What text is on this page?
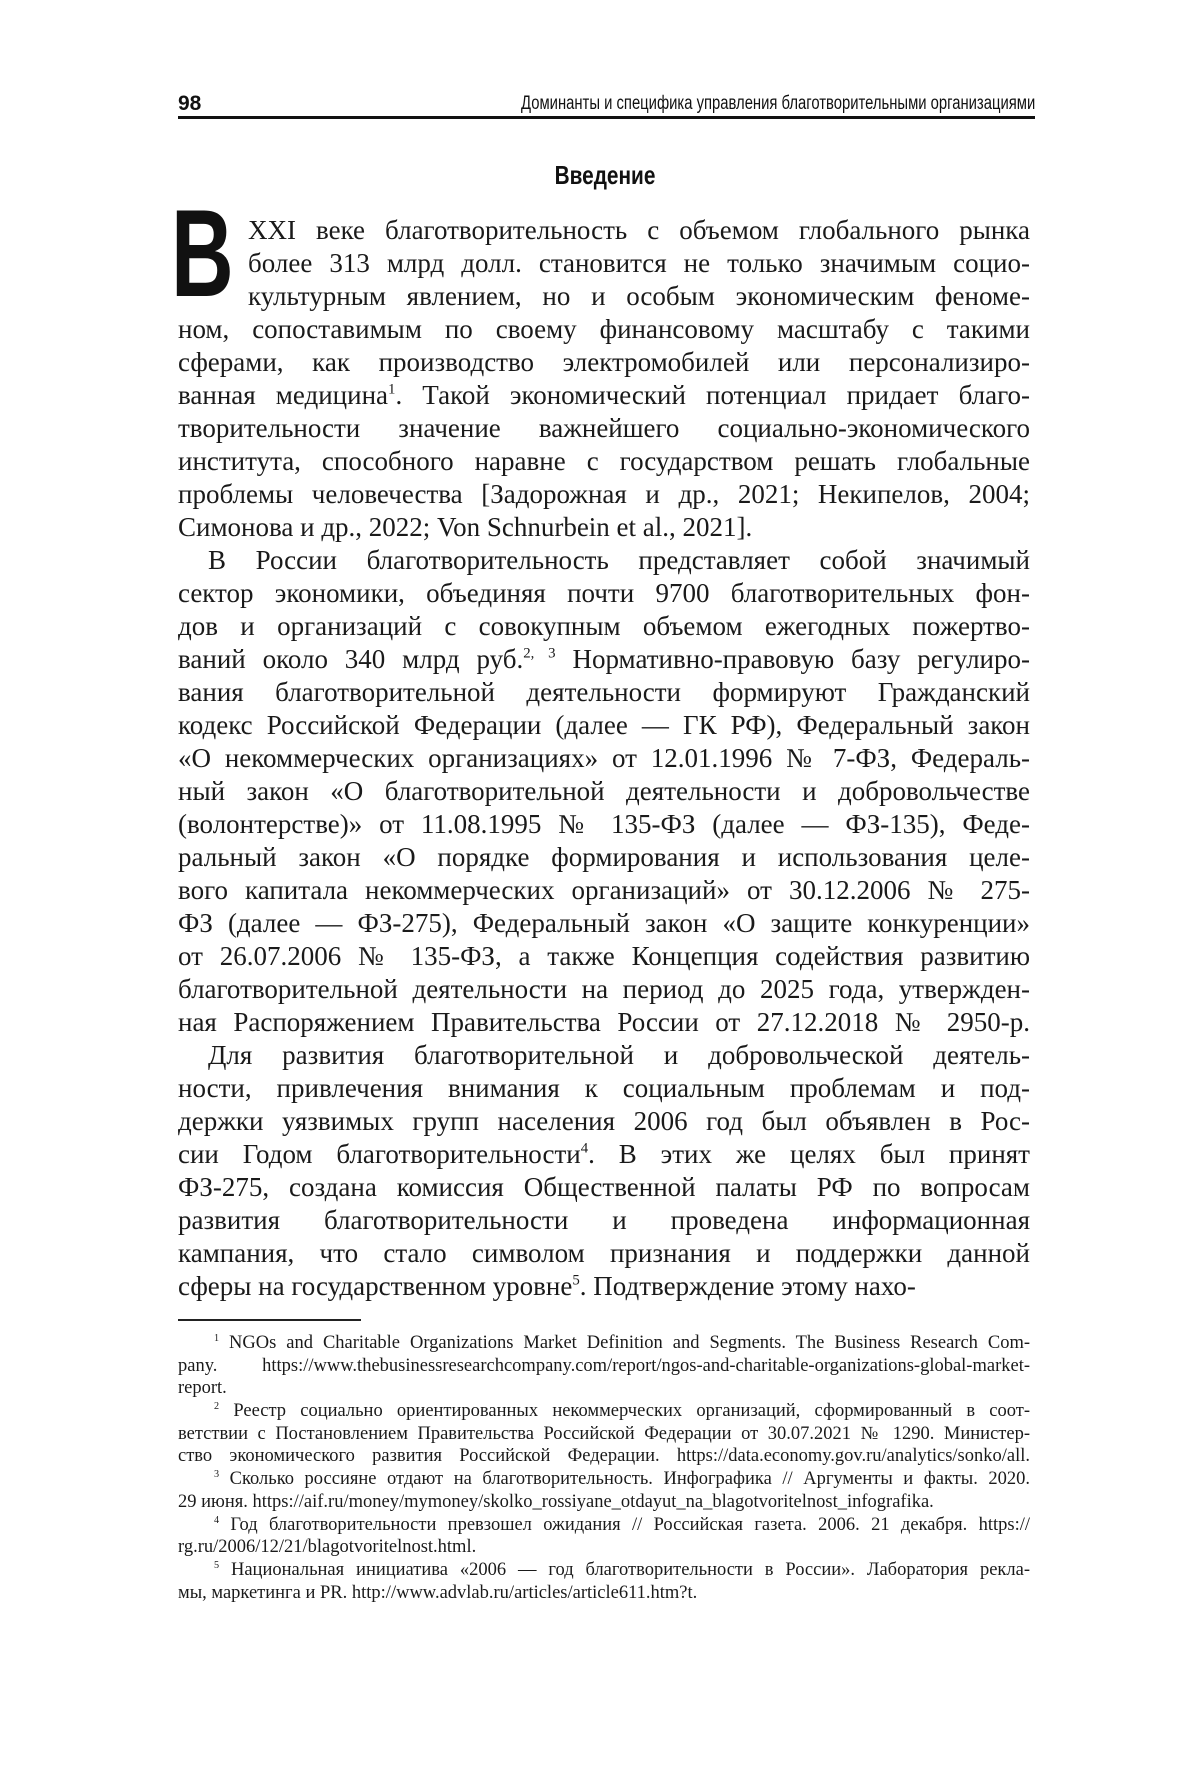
98	Доминанты и специфика управления благотворительными организациями
Введение
В XXI веке благотворительность с объемом глобального рынка
более 313 млрд долл. становится не только значимым социо-
культурным явлением, но и особым экономическим феноме-
ном, сопоставимым по своему финансовому масштабу с такими
сферами, как производство электромобилей или персонализиро-
ванная медицина1. Такой экономический потенциал придает благо-
творительности значение важнейшего социально-экономического
института, способного наравне с государством решать глобальные
проблемы человечества [Задорожная и др., 2021; Некипелов, 2004;
Симонова и др., 2022; Von Schnurbein et al., 2021].
В России благотворительность представляет собой значимый
сектор экономики, объединяя почти 9700 благотворительных фон-
дов и организаций с совокупным объемом ежегодных пожертво-
ваний около 340 млрд руб.2, 3 Нормативно-правовую базу регулиро-
вания благотворительной деятельности формируют Гражданский
кодекс Российской Федерации (далее — ГК РФ), Федеральный закон
«О некоммерческих организациях» от 12.01.1996 № 7-ФЗ, Федераль-
ный закон «О благотворительной деятельности и добровольчестве
(волонтерстве)» от 11.08.1995 № 135-ФЗ (далее — ФЗ-135), Феде-
ральный закон «О порядке формирования и использования целе-
вого капитала некоммерческих организаций» от 30.12.2006 № 275-
ФЗ (далее — ФЗ-275), Федеральный закон «О защите конкуренции»
от 26.07.2006 № 135-ФЗ, а также Концепция содействия развитию
благотворительной деятельности на период до 2025 года, утвержден-
ная Распоряжением Правительства России от 27.12.2018 № 2950-р.
Для развития благотворительной и добровольческой деятель-
ности, привлечения внимания к социальным проблемам и под-
держки уязвимых групп населения 2006 год был объявлен в Рос-
сии Годом благотворительности4. В этих же целях был принят
ФЗ-275, создана комиссия Общественной палаты РФ по вопросам
развития благотворительности и проведена информационная
кампания, что стало символом признания и поддержки данной
сферы на государственном уровне5. Подтверждение этому нахо-
1 NGOs and Charitable Organizations Market Definition and Segments. The Business Research Com-
pany. https://www.thebusinessresearchcompany.com/report/ngos-and-charitable-organizations-global-market-
report.
2 Реестр социально ориентированных некоммерческих организаций, сформированный в соот-
ветствии с Постановлением Правительства Российской Федерации от 30.07.2021 № 1290. Министер-
ство экономического развития Российской Федерации. https://data.economy.gov.ru/analytics/sonko/all.
3 Сколько россияне отдают на благотворительность. Инфографика // Аргументы и факты. 2020.
29 июня. https://aif.ru/money/mymoney/skolko_rossiyane_otdayut_na_blagotvoritelnost_infografika.
4 Год благотворительности превзошел ожидания // Российская газета. 2006. 21 декабря. https://
rg.ru/2006/12/21/blagotvoritelnost.html.
5 Национальная инициатива «2006 — год благотворительности в России». Лаборатория рекла-
мы, маркетинга и PR. http://www.advlab.ru/articles/article611.htm?t.
